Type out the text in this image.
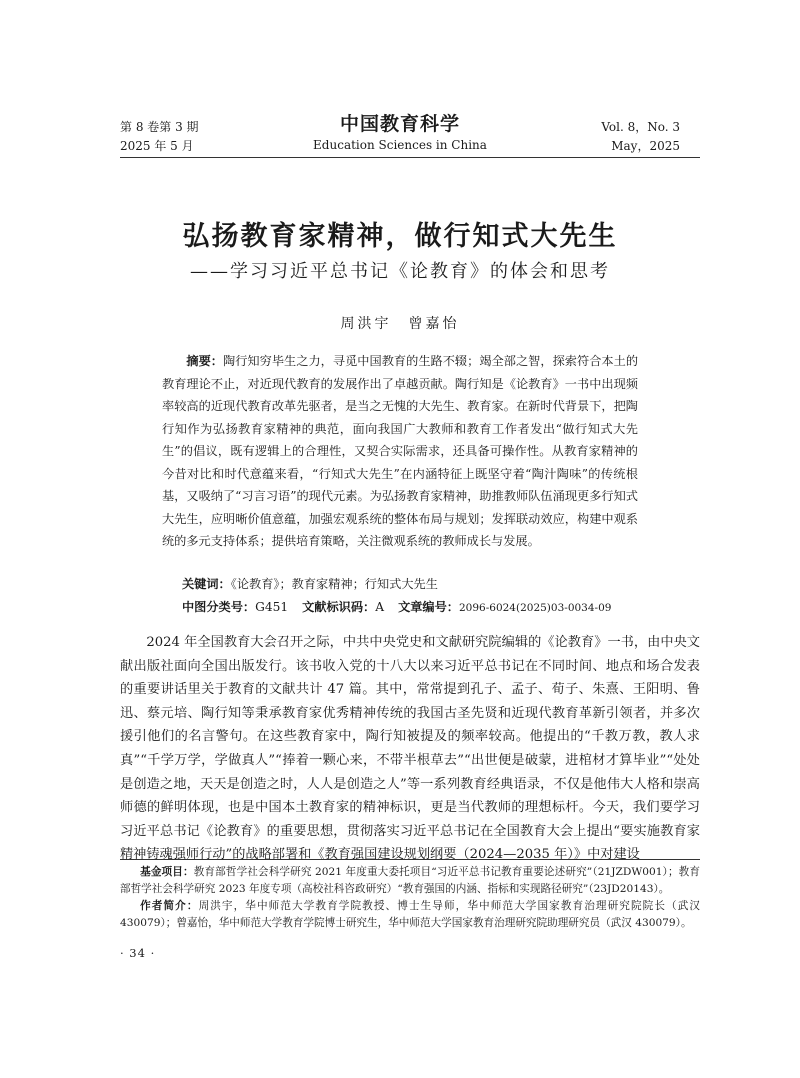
第 8 卷第 3 期
2025 年 5 月
中国教育科学
Education Sciences in China
Vol. 8，No. 3
May，2025
弘扬教育家精神，做行知式大先生
——学习习近平总书记《论教育》的体会和思考
周洪宇　曾嘉怡
摘要：陶行知穷毕生之力，寻觅中国教育的生路不辍；竭全部之智，探索符合本土的教育理论不止，对近现代教育的发展作出了卓越贡献。陶行知是《论教育》一书中出现频率较高的近现代教育改革先驱者，是当之无愧的大先生、教育家。在新时代背景下，把陶行知作为弘扬教育家精神的典范，面向我国广大教师和教育工作者发出“做行知式大先生”的倡议，既有逻辑上的合理性，又契合实际需求，还具备可操作性。从教育家精神的今昔对比和时代意蕴来看，“行知式大先生”在内涵特征上既坚守着“陶汁陶味”的传统根基，又吸纳了“习言习语”的现代元素。为弘扬教育家精神，助推教师队伍涌现更多行知式大先生，应明晰价值意蕴，加强宏观系统的整体布局与规划；发挥联动效应，构建中观系统的多元支持体系；提供培育策略，关注微观系统的教师成长与发展。
关键词：《论教育》；教育家精神；行知式大先生
中图分类号：G451 文献标识码：A 文章编号：2096-6024(2025)03-0034-09
2024 年全国教育大会召开之际，中共中央党史和文献研究院编辑的《论教育》一书，由中央文献出版社面向全国出版发行。该书收入党的十八大以来习近平总书记在不同时间、地点和场合发表的重要讲话里关于教育的文献共计 47 篇。其中，常常提到孔子、孟子、荀子、朱熹、王阳明、鲁迅、蔡元培、陶行知等秉承教育家优秀精神传统的我国古圣先贤和近现代教育革新引领者，并多次援引他们的名言警句。在这些教育家中，陶行知被提及的频率较高。他提出的“千教万教，教人求真”“千学万学，学做真人”“捧着一颗心来，不带半根草去”“出世便是破蒙，进棺材才算毕业”“处处是创造之地，天天是创造之时，人人是创造之人”等一系列教育经典语录，不仅是他伟大人格和崇高师德的鲜明体现，也是中国本土教育家的精神标识，更是当代教师的理想标杆。今天，我们要学习习近平总书记《论教育》的重要思想，贯彻落实习近平总书记在全国教育大会上提出“要实施教育家精神铸魂强师行动”的战略部署和《教育强国建设规划纲要（2024—2035 年）》中对建设
基金项目：教育部哲学社会科学研究 2021 年度重大委托项目“习近平总书记教育重要论述研究”（21JZDW001）；教育部哲学社会科学研究 2023 年度专项（高校社科咨政研究）“教育强国的内涵、指标和实现路径研究”（23JD20143）。
作者简介：周洪宇，华中师范大学教育学院教授、博士生导师，华中师范大学国家教育治理研究院院长（武汉 430079）；曾嘉怡，华中师范大学教育学院博士研究生，华中师范大学国家教育治理研究院助理研究员（武汉 430079）。
· 34 ·
